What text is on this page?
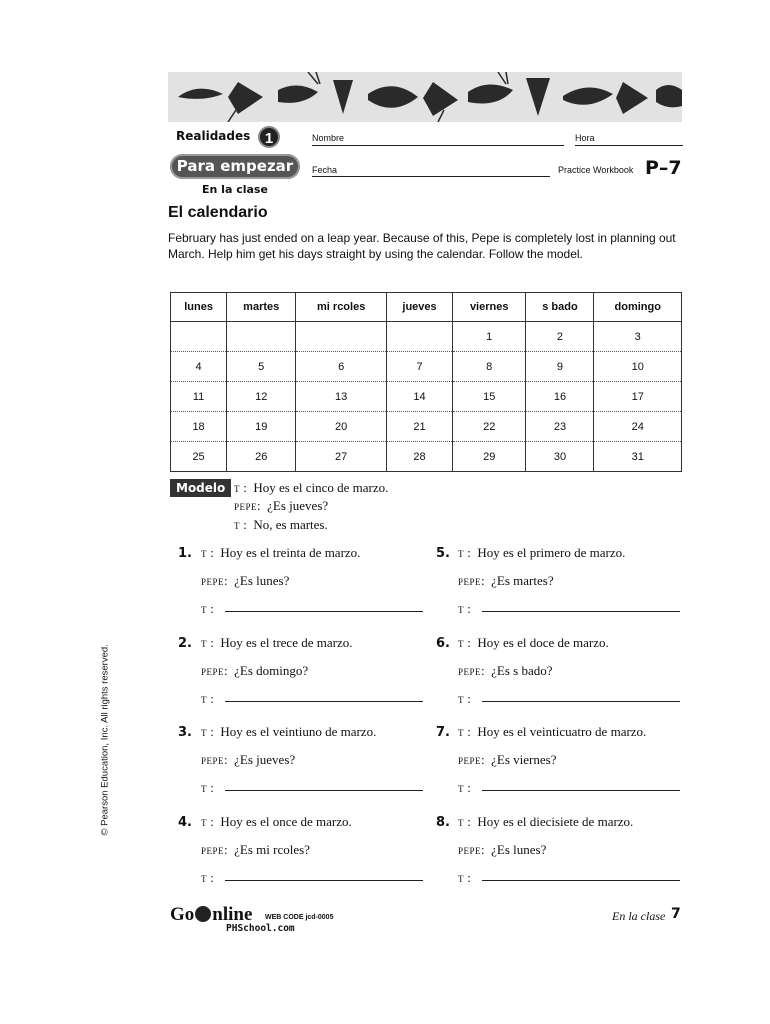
Realidades 1	Nombre	Hora
Para empezar
En la clase
Fecha	Practice Workbook P–7
El calendario
February has just ended on a leap year. Because of this, Pepe is completely lost in planning out March. Help him get his days straight by using the calendar. Follow the model.
lunes	martes	mi rcoles	jueves	viernes	s bado	domingo
				1	2	3
4	5	6	7	8	9	10
11	12	13	14	15	16	17
18	19	20	21	22	23	24
25	26	27	28	29	30	31
Modelo T :  Hoy es el cinco de marzo.
PEPE:  ¿Es jueves?
T :  No, es martes.
1. T :  Hoy es el treinta de marzo.
PEPE:  ¿Es lunes?
T :
2. T :  Hoy es el trece de marzo.
PEPE:  ¿Es domingo?
T :
3. T :  Hoy es el veintiuno de marzo.
PEPE:  ¿Es jueves?
T :
4. T :  Hoy es el once de marzo.
PEPE:  ¿Es mi rcoles?
T :
5. T :  Hoy es el primero de marzo.
PEPE:  ¿Es martes?
T :
6. T :  Hoy es el doce de marzo.
PEPE:  ¿Es s bado?
T :
7. T :  Hoy es el veinticuatro de marzo.
PEPE:  ¿Es viernes?
T :
8. T :  Hoy es el diecisiete de marzo.
PEPE:  ¿Es lunes?
T :
© Pearson Education, Inc. All rights reserved.
Go nline WEB CODE jcd-0005
PHSchool.com
En la clase 7
